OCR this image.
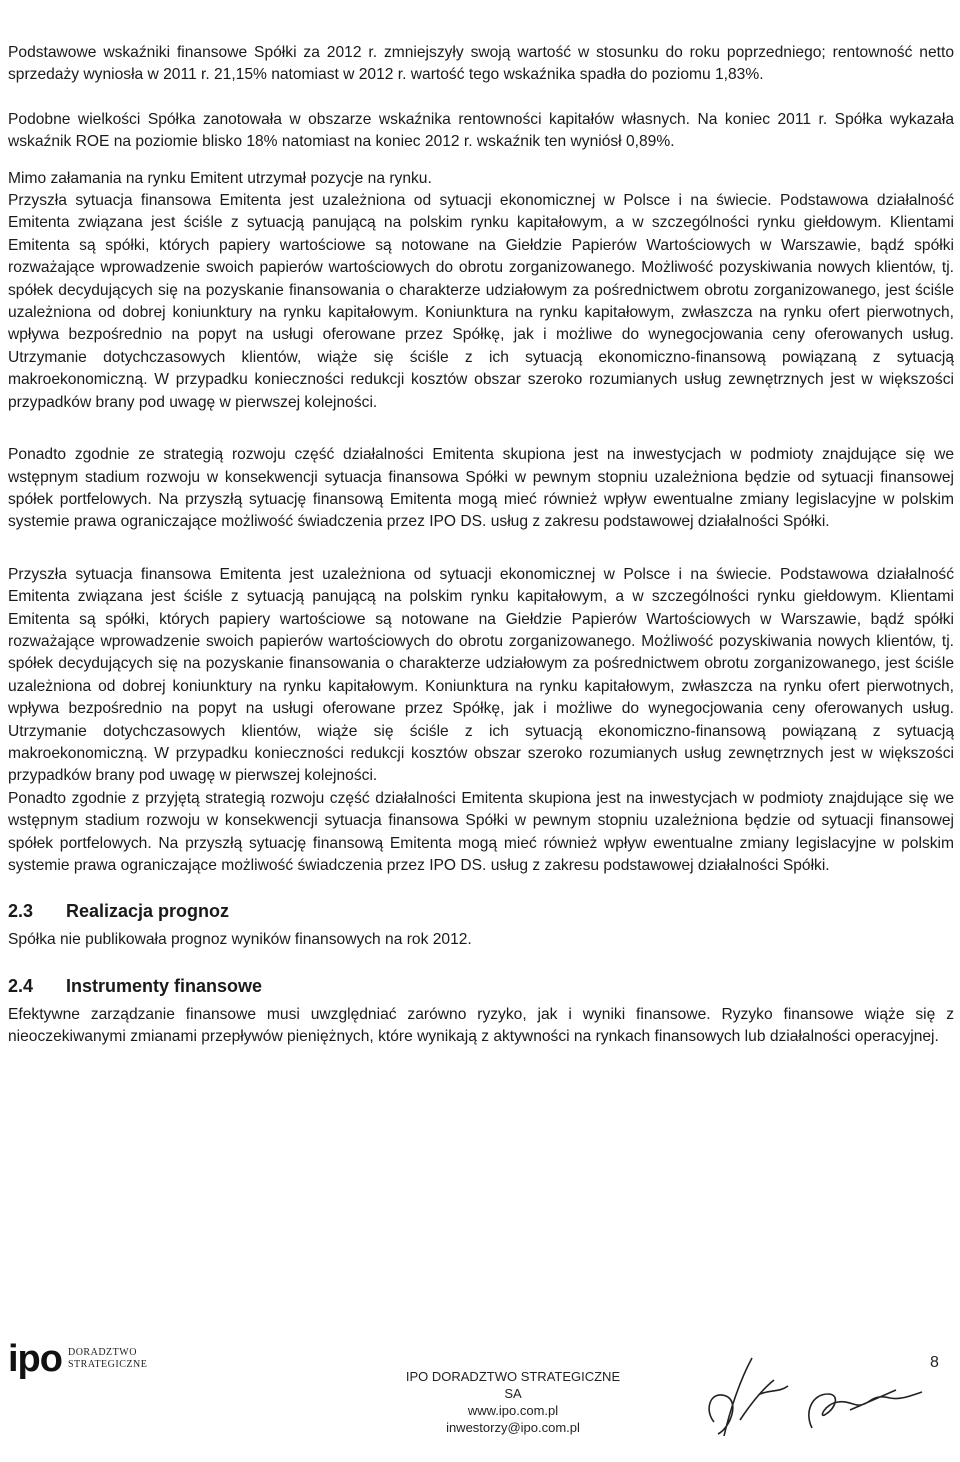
Podstawowe wskaźniki finansowe Spółki za 2012 r. zmniejszyły swoją wartość w stosunku do roku poprzedniego; rentowność netto sprzedaży wyniosła w 2011 r. 21,15% natomiast w 2012 r. wartość tego wskaźnika spadła do poziomu 1,83%.

Podobne wielkości Spółka zanotowała w obszarze wskaźnika rentowności kapitałów własnych. Na koniec 2011 r. Spółka wykazała wskaźnik ROE na poziomie blisko 18% natomiast na koniec 2012 r. wskaźnik ten wyniósł 0,89%.

Mimo załamania na rynku Emitent utrzymał pozycje na rynku.

Przyszła sytuacja finansowa Emitenta jest uzależniona od sytuacji ekonomicznej w Polsce i na świecie. Podstawowa działalność Emitenta związana jest ściśle z sytuacją panującą na polskim rynku kapitałowym, a w szczególności rynku giełdowym. Klientami Emitenta są spółki, których papiery wartościowe są notowane na Giełdzie Papierów Wartościowych w Warszawie, bądź spółki rozważające wprowadzenie swoich papierów wartościowych do obrotu zorganizowanego. Możliwość pozyskiwania nowych klientów, tj. spółek decydujących się na pozyskanie finansowania o charakterze udziałowym za pośrednictwem obrotu zorganizowanego, jest ściśle uzależniona od dobrej koniunktury na rynku kapitałowym. Koniunktura na rynku kapitałowym, zwłaszcza na rynku ofert pierwotnych, wpływa bezpośrednio na popyt na usługi oferowane przez Spółkę, jak i możliwe do wynegocjowania ceny oferowanych usług. Utrzymanie dotychczasowych klientów, wiąże się ściśle z ich sytuacją ekonomiczno-finansową powiązaną z sytuacją makroekonomiczną. W przypadku konieczności redukcji kosztów obszar szeroko rozumianych usług zewnętrznych jest w większości przypadków brany pod uwagę w pierwszej kolejności.

Ponadto zgodnie ze strategią rozwoju część działalności Emitenta skupiona jest na inwestycjach w podmioty znajdujące się we wstępnym stadium rozwoju w konsekwencji sytuacja finansowa Spółki w pewnym stopniu uzależniona będzie od sytuacji finansowej spółek portfelowych. Na przyszłą sytuację finansową Emitenta mogą mieć również wpływ ewentualne zmiany legislacyjne w polskim systemie prawa ograniczające możliwość świadczenia przez IPO DS. usług z zakresu podstawowej działalności Spółki.

Przyszła sytuacja finansowa Emitenta jest uzależniona od sytuacji ekonomicznej w Polsce i na świecie. Podstawowa działalność Emitenta związana jest ściśle z sytuacją panującą na polskim rynku kapitałowym, a w szczególności rynku giełdowym. Klientami Emitenta są spółki, których papiery wartościowe są notowane na Giełdzie Papierów Wartościowych w Warszawie, bądź spółki rozważające wprowadzenie swoich papierów wartościowych do obrotu zorganizowanego. Możliwość pozyskiwania nowych klientów, tj. spółek decydujących się na pozyskanie finansowania o charakterze udziałowym za pośrednictwem obrotu zorganizowanego, jest ściśle uzależniona od dobrej koniunktury na rynku kapitałowym. Koniunktura na rynku kapitałowym, zwłaszcza na rynku ofert pierwotnych, wpływa bezpośrednio na popyt na usługi oferowane przez Spółkę, jak i możliwe do wynegocjowania ceny oferowanych usług. Utrzymanie dotychczasowych klientów, wiąże się ściśle z ich sytuacją ekonomiczno-finansową powiązaną z sytuacją makroekonomiczną. W przypadku konieczności redukcji kosztów obszar szeroko rozumianych usług zewnętrznych jest w większości przypadków brany pod uwagę w pierwszej kolejności.

Ponadto zgodnie z przyjętą strategią rozwoju część działalności Emitenta skupiona jest na inwestycjach w podmioty znajdujące się we wstępnym stadium rozwoju w konsekwencji sytuacja finansowa Spółki w pewnym stopniu uzależniona będzie od sytuacji finansowej spółek portfelowych. Na przyszłą sytuację finansową Emitenta mogą mieć również wpływ ewentualne zmiany legislacyjne w polskim systemie prawa ograniczające możliwość świadczenia przez IPO DS. usług z zakresu podstawowej działalności Spółki.

2.3	Realizacja prognoz

Spółka nie publikowała prognoz wyników finansowych na rok 2012.

2.4	Instrumenty finansowe

Efektywne zarządzanie finansowe musi uwzględniać zarówno ryzyko, jak i wyniki finansowe. Ryzyko finansowe wiąże się z nieoczekiwanymi zmianami przepływów pieniężnych, które wynikają z aktywności na rynkach finansowych lub działalności operacyjnej.

ipo DORADZTWO
STRATEGICZNE
IPO DORADZTWO STRATEGICZNE SA
www.ipo.com.pl
inwestorzy@ipo.com.pl
8
